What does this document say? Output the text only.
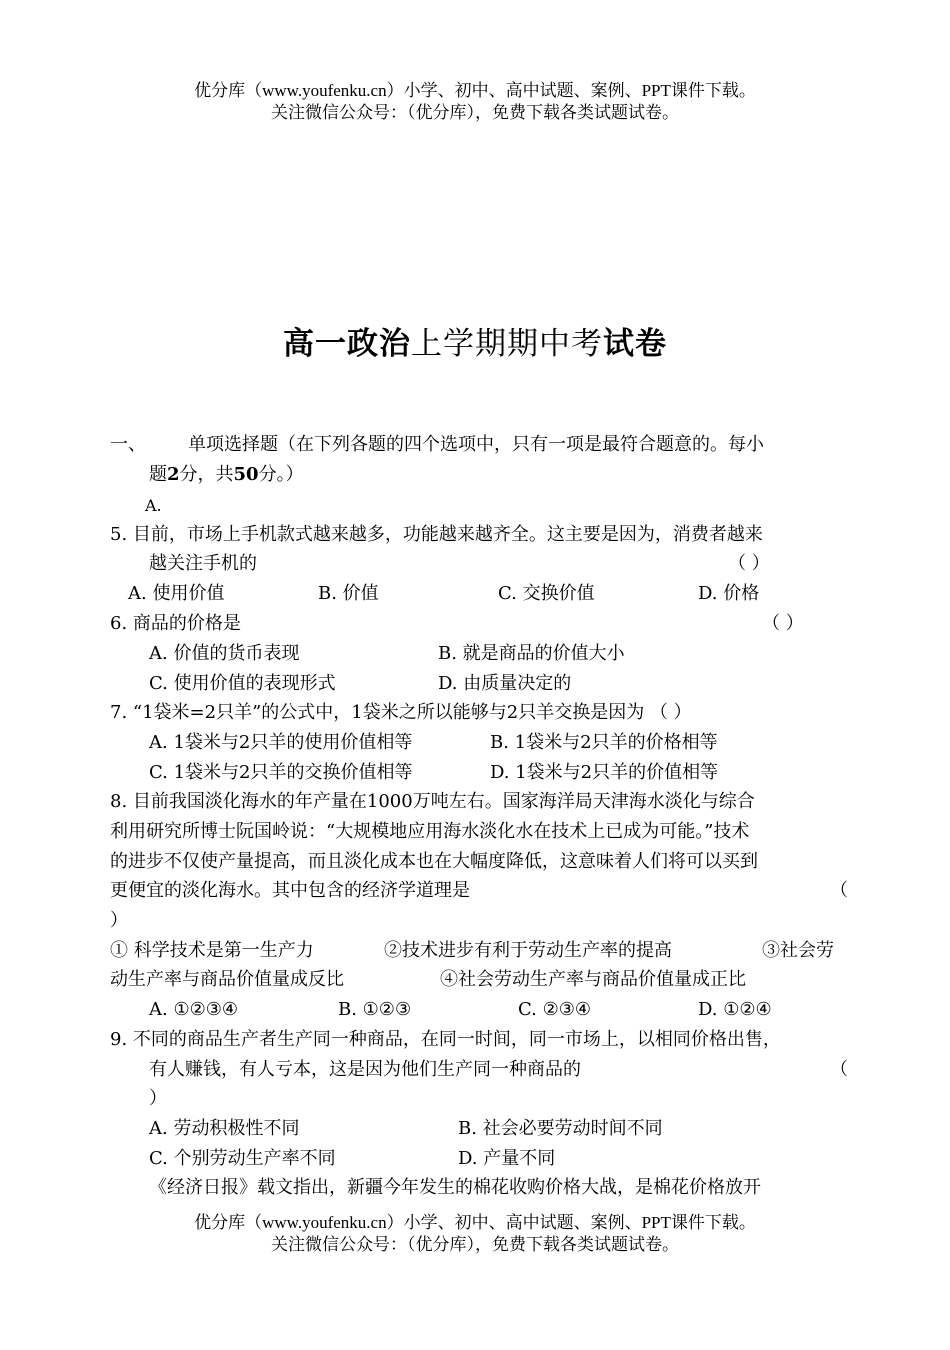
优分库（www.youfenku.cn）小学、初中、高中试题、案例、PPT课件下载。
关注微信公众号：（优分库），免费下载各类试题试卷。
高一政治上学期期中考试卷
一、 单项选择题（在下列各题的四个选项中，只有一项是最符合题意的。每小
题2分，共50分。）
A.
5. 目前，市场上手机款式越来越多，功能越来越齐全。这主要是因为，消费者越来
越关注手机的	（ ）
A. 使用价值	B. 价值	C. 交换价值	D. 价格
6. 商品的价格是	（ ）
A. 价值的货币表现	B. 就是商品的价值大小
C. 使用价值的表现形式	D. 由质量决定的
7. “1袋米=2只羊”的公式中，1袋米之所以能够与2只羊交换是因为 （ ）
A. 1袋米与2只羊的使用价值相等	B. 1袋米与2只羊的价格相等
C. 1袋米与2只羊的交换价值相等	D. 1袋米与2只羊的价值相等
8. 目前我国淡化海水的年产量在1000万吨左右。国家海洋局天津海水淡化与综合
利用研究所博士阮国岭说：“大规模地应用海水淡化水在技术上已成为可能。”技术
的进步不仅使产量提高，而且淡化成本也在大幅度降低，这意味着人们将可以买到
更便宜的淡化海水。其中包含的经济学道理是	（
）
① 科学技术是第一生产力	②技术进步有利于劳动生产率的提高	③社会劳
动生产率与商品价值量成反比	④社会劳动生产率与商品价值量成正比
A. ①②③④	B. ①②③	C. ②③④	D. ①②④
9. 不同的商品生产者生产同一种商品，在同一时间，同一市场上，以相同价格出售，
有人赚钱，有人亏本，这是因为他们生产同一种商品的	（
）
A. 劳动积极性不同	B. 社会必要劳动时间不同
C. 个别劳动生产率不同	D. 产量不同
《经济日报》载文指出，新疆今年发生的棉花收购价格大战，是棉花价格放开
优分库（www.youfenku.cn）小学、初中、高中试题、案例、PPT课件下载。
关注微信公众号：（优分库），免费下载各类试题试卷。
